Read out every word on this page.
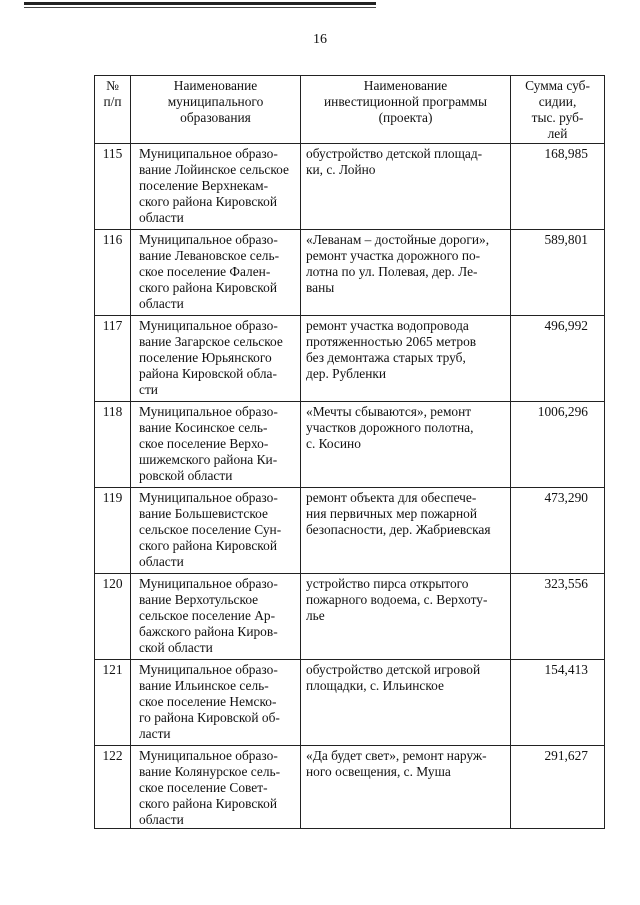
16
№
п/п	Наименование
муниципального
образования	Наименование
инвестиционной программы
(проекта)	Сумма суб-
сидии,
тыс. руб-
лей

115	Муниципальное образо-
вание Лойинское сельское
поселение Верхнекам-
ского района Кировской
области	обустройство детской площад-
ки, с. Лойно	168,985

116	Муниципальное образо-
вание Левановское сель-
ское поселение Фален-
ского района Кировской
области	«Леванам – достойные дороги»,
ремонт участка дорожного по-
лотна по ул. Полевая, дер. Ле-
ваны	589,801

117	Муниципальное образо-
вание Загарское сельское
поселение Юрьянского
района Кировской обла-
сти	ремонт участка водопровода
протяженностью 2065 метров
без демонтажа старых труб,
дер. Рубленки	496,992

118	Муниципальное образо-
вание Косинское сель-
ское поселение Верхо-
шижемского района Ки-
ровской области	«Мечты сбываются», ремонт
участков дорожного полотна,
с. Косино	1006,296

119	Муниципальное образо-
вание Большевистское
сельское поселение Сун-
ского района Кировской
области	ремонт объекта для обеспече-
ния первичных мер пожарной
безопасности, дер. Жабриевская	473,290

120	Муниципальное образо-
вание Верхотульское
сельское поселение Ар-
бажского района Киров-
ской области	устройство пирса открытого
пожарного водоема, с. Верхоту-
лье	323,556

121	Муниципальное образо-
вание Ильинское сель-
ское поселение Немско-
го района Кировской об-
ласти	обустройство детской игровой
площадки, с. Ильинское	154,413

122	Муниципальное образо-
вание Колянурское сель-
ское поселение Совет-
ского района Кировской
области	«Да будет свет», ремонт наруж-
ного освещения, с. Муша	291,627
